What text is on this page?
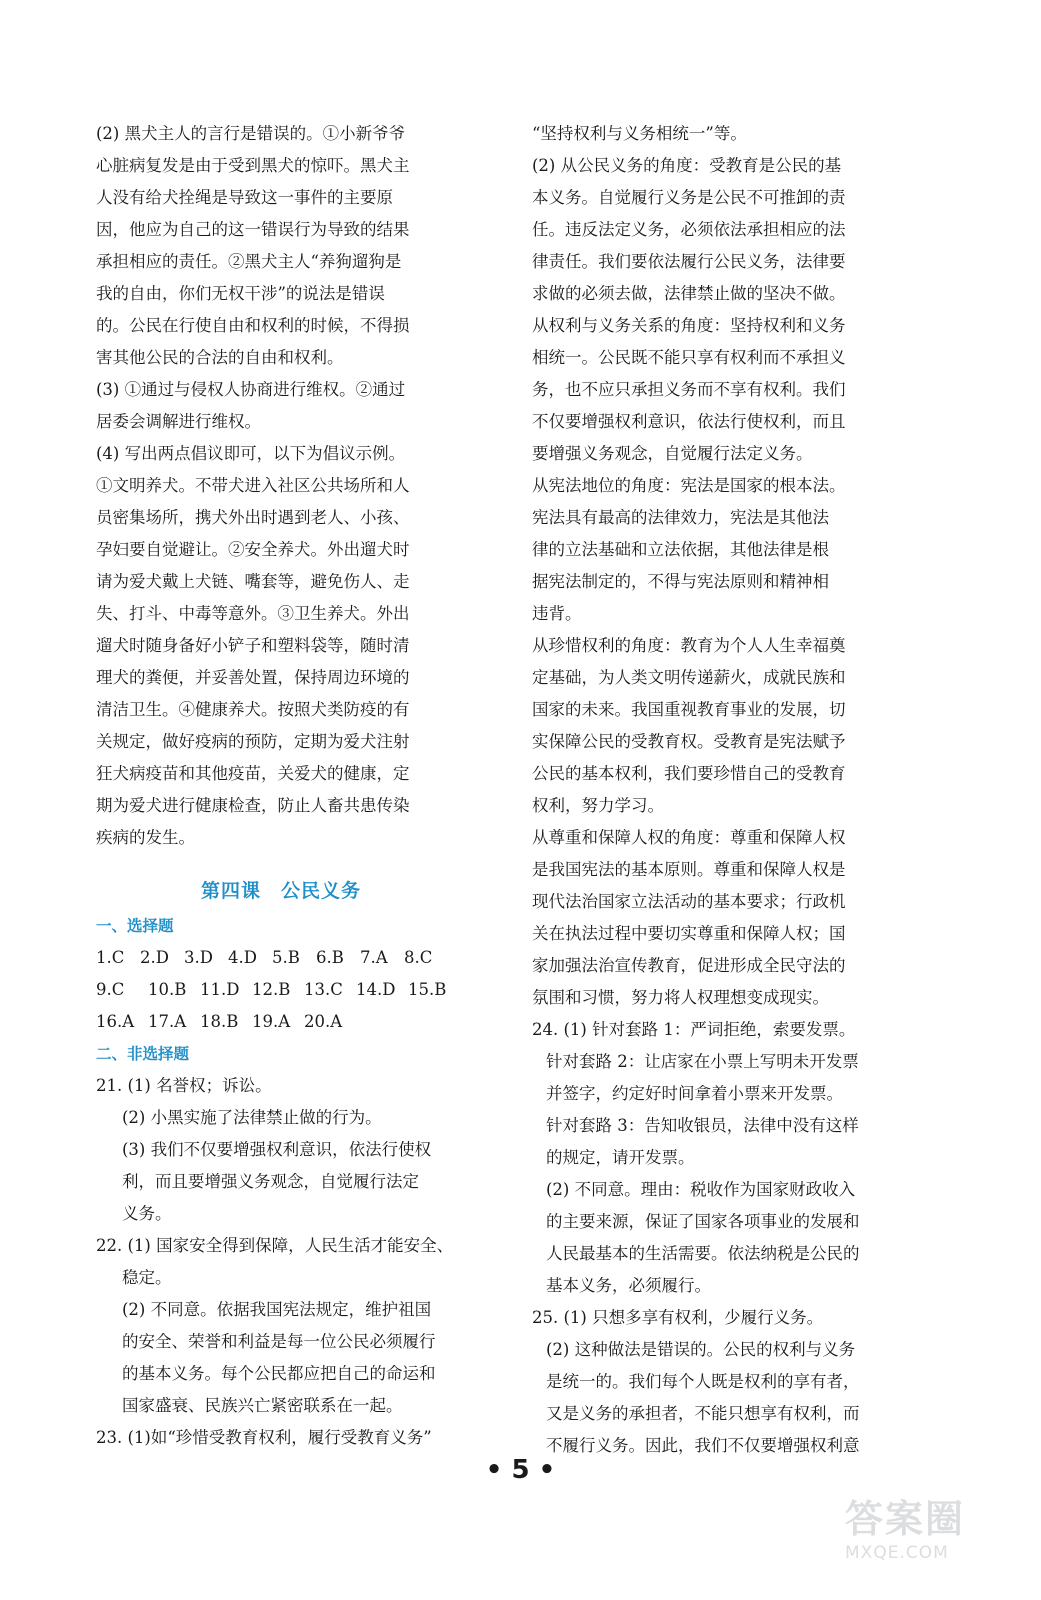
(2) 黑犬主人的言行是错误的。①小新爷爷
心脏病复发是由于受到黑犬的惊吓。黑犬主
人没有给犬拴绳是导致这一事件的主要原
因，他应为自己的这一错误行为导致的结果
承担相应的责任。②黑犬主人“养狗遛狗是
我的自由，你们无权干涉”的说法是错误
的。公民在行使自由和权利的时候，不得损
害其他公民的合法的自由和权利。
(3) ①通过与侵权人协商进行维权。②通过
居委会调解进行维权。
(4) 写出两点倡议即可，以下为倡议示例。
①文明养犬。不带犬进入社区公共场所和人
员密集场所，携犬外出时遇到老人、小孩、
孕妇要自觉避让。②安全养犬。外出遛犬时
请为爱犬戴上犬链、嘴套等，避免伤人、走
失、打斗、中毒等意外。③卫生养犬。外出
遛犬时随身备好小铲子和塑料袋等，随时清
理犬的粪便，并妥善处置，保持周边环境的
清洁卫生。④健康养犬。按照犬类防疫的有
关规定，做好疫病的预防，定期为爱犬注射
狂犬病疫苗和其他疫苗，关爱犬的健康，定
期为爱犬进行健康检查，防止人畜共患传染
疾病的发生。
第四课　公民义务
一、选择题
1.C 2.D 3.D 4.D 5.B 6.B 7.A 8.C
9.C	10.B 11.D 12.B 13.C 14.D 15.B
16.A 17.A 18.B 19.A 20.A
二、非选择题
21. (1) 名誉权；诉讼。
(2) 小黑实施了法律禁止做的行为。
(3) 我们不仅要增强权利意识，依法行使权
利，而且要增强义务观念，自觉履行法定
义务。
22. (1) 国家安全得到保障，人民生活才能安全、
稳定。
(2) 不同意。依据我国宪法规定，维护祖国
的安全、荣誉和利益是每一位公民必须履行
的基本义务。每个公民都应把自己的命运和
国家盛衰、民族兴亡紧密联系在一起。
23. (1)如“珍惜受教育权利，履行受教育义务”
“坚持权利与义务相统一”等。
(2) 从公民义务的角度：受教育是公民的基
本义务。自觉履行义务是公民不可推卸的责
任。违反法定义务，必须依法承担相应的法
律责任。我们要依法履行公民义务，法律要
求做的必须去做，法律禁止做的坚决不做。
从权利与义务关系的角度：坚持权利和义务
相统一。公民既不能只享有权利而不承担义
务，也不应只承担义务而不享有权利。我们
不仅要增强权利意识，依法行使权利，而且
要增强义务观念，自觉履行法定义务。
从宪法地位的角度：宪法是国家的根本法。
宪法具有最高的法律效力，宪法是其他法
律的立法基础和立法依据，其他法律是根
据宪法制定的，不得与宪法原则和精神相
违背。
从珍惜权利的角度：教育为个人人生幸福奠
定基础，为人类文明传递薪火，成就民族和
国家的未来。我国重视教育事业的发展，切
实保障公民的受教育权。受教育是宪法赋予
公民的基本权利，我们要珍惜自己的受教育
权利，努力学习。
从尊重和保障人权的角度：尊重和保障人权
是我国宪法的基本原则。尊重和保障人权是
现代法治国家立法活动的基本要求；行政机
关在执法过程中要切实尊重和保障人权；国
家加强法治宣传教育，促进形成全民守法的
氛围和习惯，努力将人权理想变成现实。
24. (1) 针对套路 1：严词拒绝，索要发票。
针对套路 2：让店家在小票上写明未开发票
并签字，约定好时间拿着小票来开发票。
针对套路 3：告知收银员，法律中没有这样
的规定，请开发票。
(2) 不同意。理由：税收作为国家财政收入
的主要来源，保证了国家各项事业的发展和
人民最基本的生活需要。依法纳税是公民的
基本义务，必须履行。
25. (1) 只想多享有权利，少履行义务。
(2) 这种做法是错误的。公民的权利与义务
是统一的。我们每个人既是权利的享有者，
又是义务的承担者，不能只想享有权利，而
不履行义务。因此，我们不仅要增强权利意
• 5 •
答案圈
MXQE.COM
